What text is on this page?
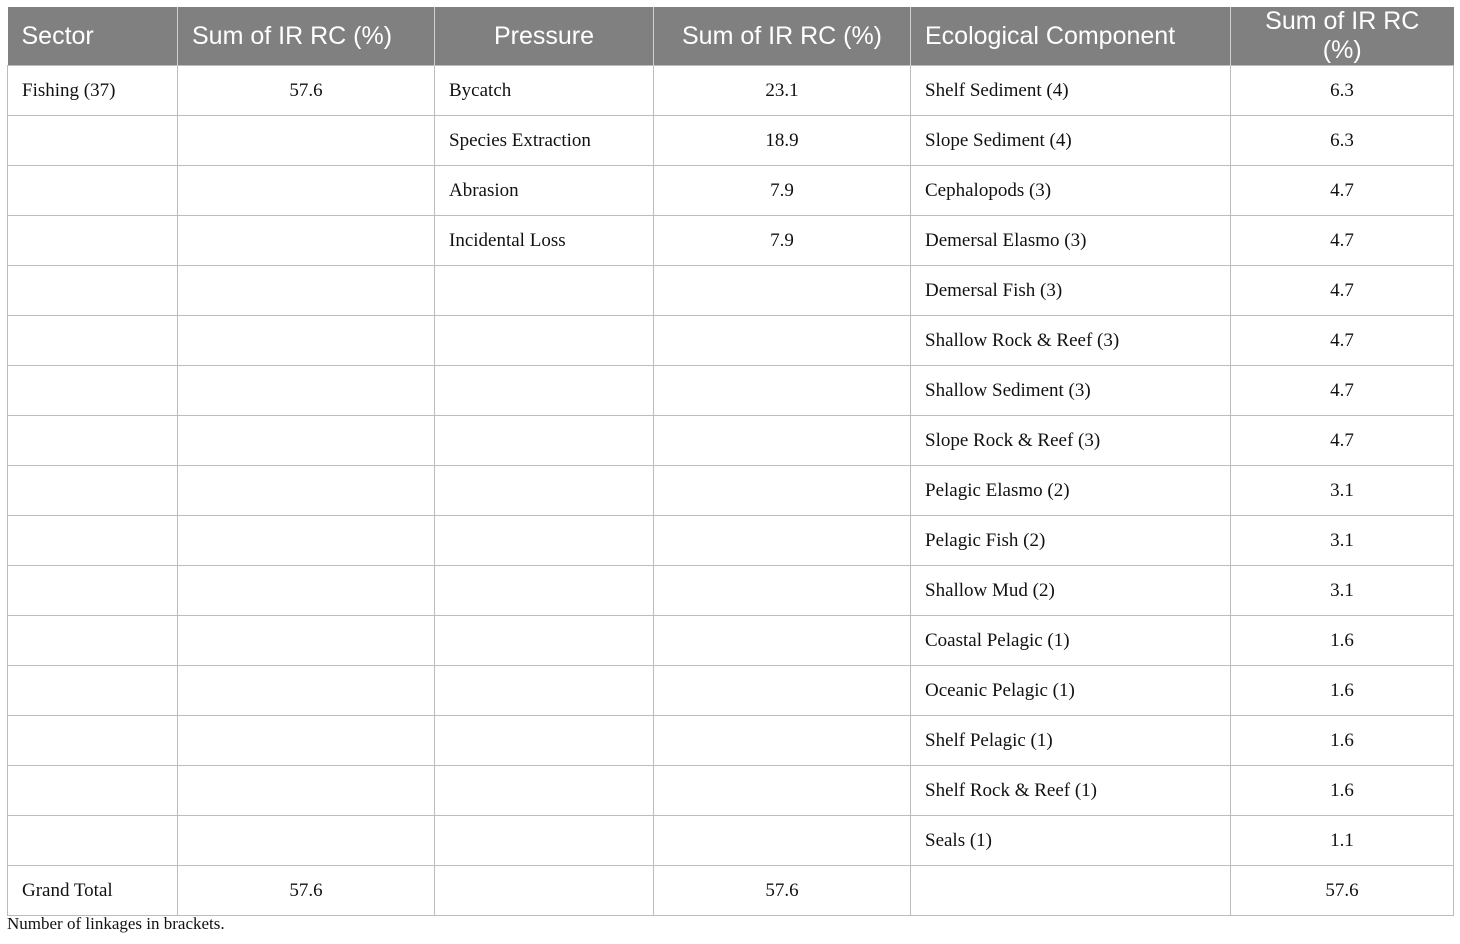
Sector	Sum of IR RC (%)	Pressure	Sum of IR RC (%)	Ecological Component	Sum of IR RC (%)
Fishing (37)	57.6	Bycatch	23.1	Shelf Sediment (4)	6.3
		Species Extraction	18.9	Slope Sediment (4)	6.3
		Abrasion	7.9	Cephalopods (3)	4.7
		Incidental Loss	7.9	Demersal Elasmo (3)	4.7
				Demersal Fish (3)	4.7
				Shallow Rock & Reef (3)	4.7
				Shallow Sediment (3)	4.7
				Slope Rock & Reef (3)	4.7
				Pelagic Elasmo (2)	3.1
				Pelagic Fish (2)	3.1
				Shallow Mud (2)	3.1
				Coastal Pelagic (1)	1.6
				Oceanic Pelagic (1)	1.6
				Shelf Pelagic (1)	1.6
				Shelf Rock & Reef (1)	1.6
				Seals (1)	1.1
Grand Total	57.6		57.6		57.6
Number of linkages in brackets.
